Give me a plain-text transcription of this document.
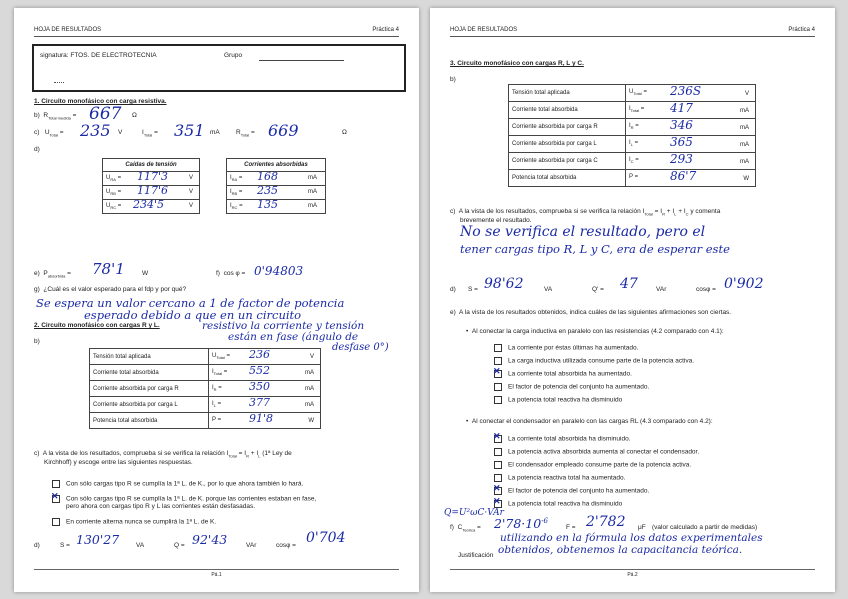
HOJA DE RESULTADOS	Práctica 4
signatura: FTOS. DE ELECTROTECNIA	Grupo
1. Circuito monofásico con carga resistiva.
b) $R_{Total medida} = 667$ Ω
c) $U_{Total} = 235$ V	$I_{Total} = 351$ mA	$R_{Total} = 669$	Ω
d)
Caídas de tensión
$U_{RA} = 117'3$	V

$U_{RB} = 117'6$	V

$U_{RC} = 234'5$	V
Corrientes absorbidas
$I_{RA} = 168$	mA

$I_{RB} = 235$	mA

$I_{RC} = 135$	mA
e) $P_{absorbida} = 78'1$	W	f) cos φ = 0'94803
g) ¿Cuál es el valor esperado para el fdp y por qué?
Se espera un valor cercano a 1 de factor de potencia
esperado debido a que en un circuito
2. Circuito monofásico con cargas R y L.	resistivo la corriente y tensión
están en fase (ángulo de
desfase 0°)
b)
Tensión total aplicada	$U_{Total} = 236$ V

Corriente total absorbida	$I_{Total} = 552$ mA

Corriente absorbida por carga R	$I_R = 350$ mA

Corriente absorbida por carga L	$I_L = 377$ mA

Potencia total absorbida	P = 91'8 W
c) A la vista de los resultados, comprueba si se verifica la relación $I_{Total} = I_R + I_L$ (1ª Ley de
Kirchhoff) y escoge entre las siguientes respuestas.
Con sólo cargas tipo R se cumplía la 1ª L. de K., por lo que ahora también lo hará.
✕Con sólo cargas tipo R se cumplía la 1ª L. de K. porque las corrientes estaban en fase,
pero ahora con cargas tipo R y L las corrientes están desfasadas.
En corriente alterna nunca se cumplirá la 1ª L. de K.
d)	S = 130'27	VA	Q = 92'43	VAr	cosφ = 0'704
Pá.1
HOJA DE RESULTADOS	Práctica 4
3. Circuito monofásico con cargas R, L y C.
b)
Tensión total aplicada	$U_{Total} = 236S$ V

Corriente total absorbida	$I_{Total} = 417$ mA

Corriente absorbida por carga R	$I_R = 346$ mA

Corriente absorbida por carga L	$I_L = 365$ mA

Corriente absorbida por carga C	$I_C = 293$ mA

Potencia total absorbida	P = 86'7 W
c) A la vista de los resultados, comprueba si se verifica la relación $I_{Total} = I_R + I_L + I_C$ y comenta
brevemente el resultado.
No se verifica el resultado, pero el
tener cargas tipo R, L y C, era de esperar este
d) S = 98'62	VA	Q' = 47	VAr	cosφ = 0'902
e) A la vista de los resultados obtenidos, indica cuáles de las siguientes afirmaciones son ciertas.
•  Al conectar la carga inductiva en paralelo con las resistencias (4.2 comparado con 4.1):
La corriente por éstas últimas ha aumentado.
La carga inductiva utilizada consume parte de la potencia activa.
✕La corriente total absorbida ha aumentado.
El factor de potencia del conjunto ha aumentado.
La potencia total reactiva ha disminuido
•  Al conectar el condensador en paralelo con las cargas RL (4.3 comparado con 4.2):
✕La corriente total absorbida ha disminuido.
La potencia activa absorbida aumenta al conectar el condensador.
El condensador empleado consume parte de la potencia activa.
La potencia reactiva total ha aumentado.
✕El factor de potencia del conjunto ha aumentado.
✕La potencia total reactiva ha disminuido
Q=U²ωC·VAr
f) $C_{Teórica} = 2'78\cdot 10^{-6}$
F = 2'782 μF (valor calculado a partir de medidas)
utilizando en la fórmula los datos experimentales
Justificación obtenidos, obtenemos la capacitancia teórica.
Pá.2
